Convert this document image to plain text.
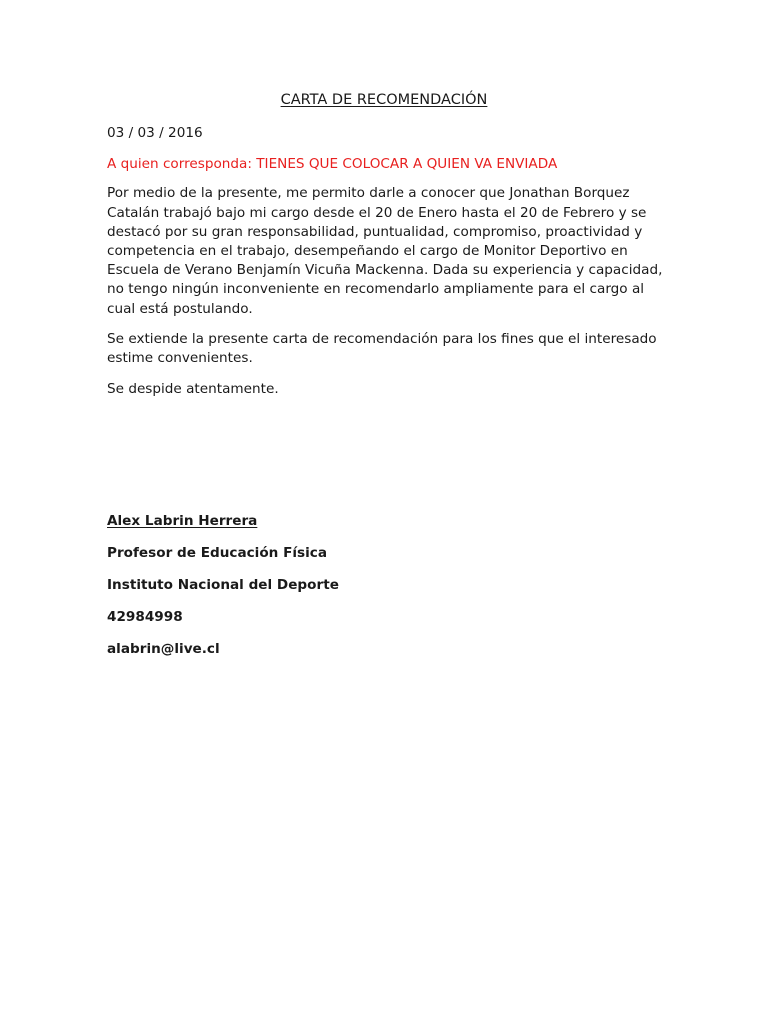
CARTA DE RECOMENDACIÓN

03 / 03 / 2016

A quien corresponda: TIENES QUE COLOCAR A QUIEN VA ENVIADA

Por medio de la presente, me permito darle a conocer que Jonathan Borquez Catalán trabajó bajo mi cargo desde el 20 de Enero hasta el 20 de Febrero y se destacó por su gran responsabilidad, puntualidad, compromiso, proactividad y competencia en el trabajo, desempeñando el cargo de Monitor Deportivo en Escuela de Verano Benjamín Vicuña Mackenna. Dada su experiencia y capacidad, no tengo ningún inconveniente en recomendarlo ampliamente para el cargo al cual está postulando.

Se extiende la presente carta de recomendación para los fines que el interesado estime convenientes.

Se despide atentamente.

Alex Labrin Herrera

Profesor de Educación Física

Instituto Nacional del Deporte

42984998

alabrin@live.cl
